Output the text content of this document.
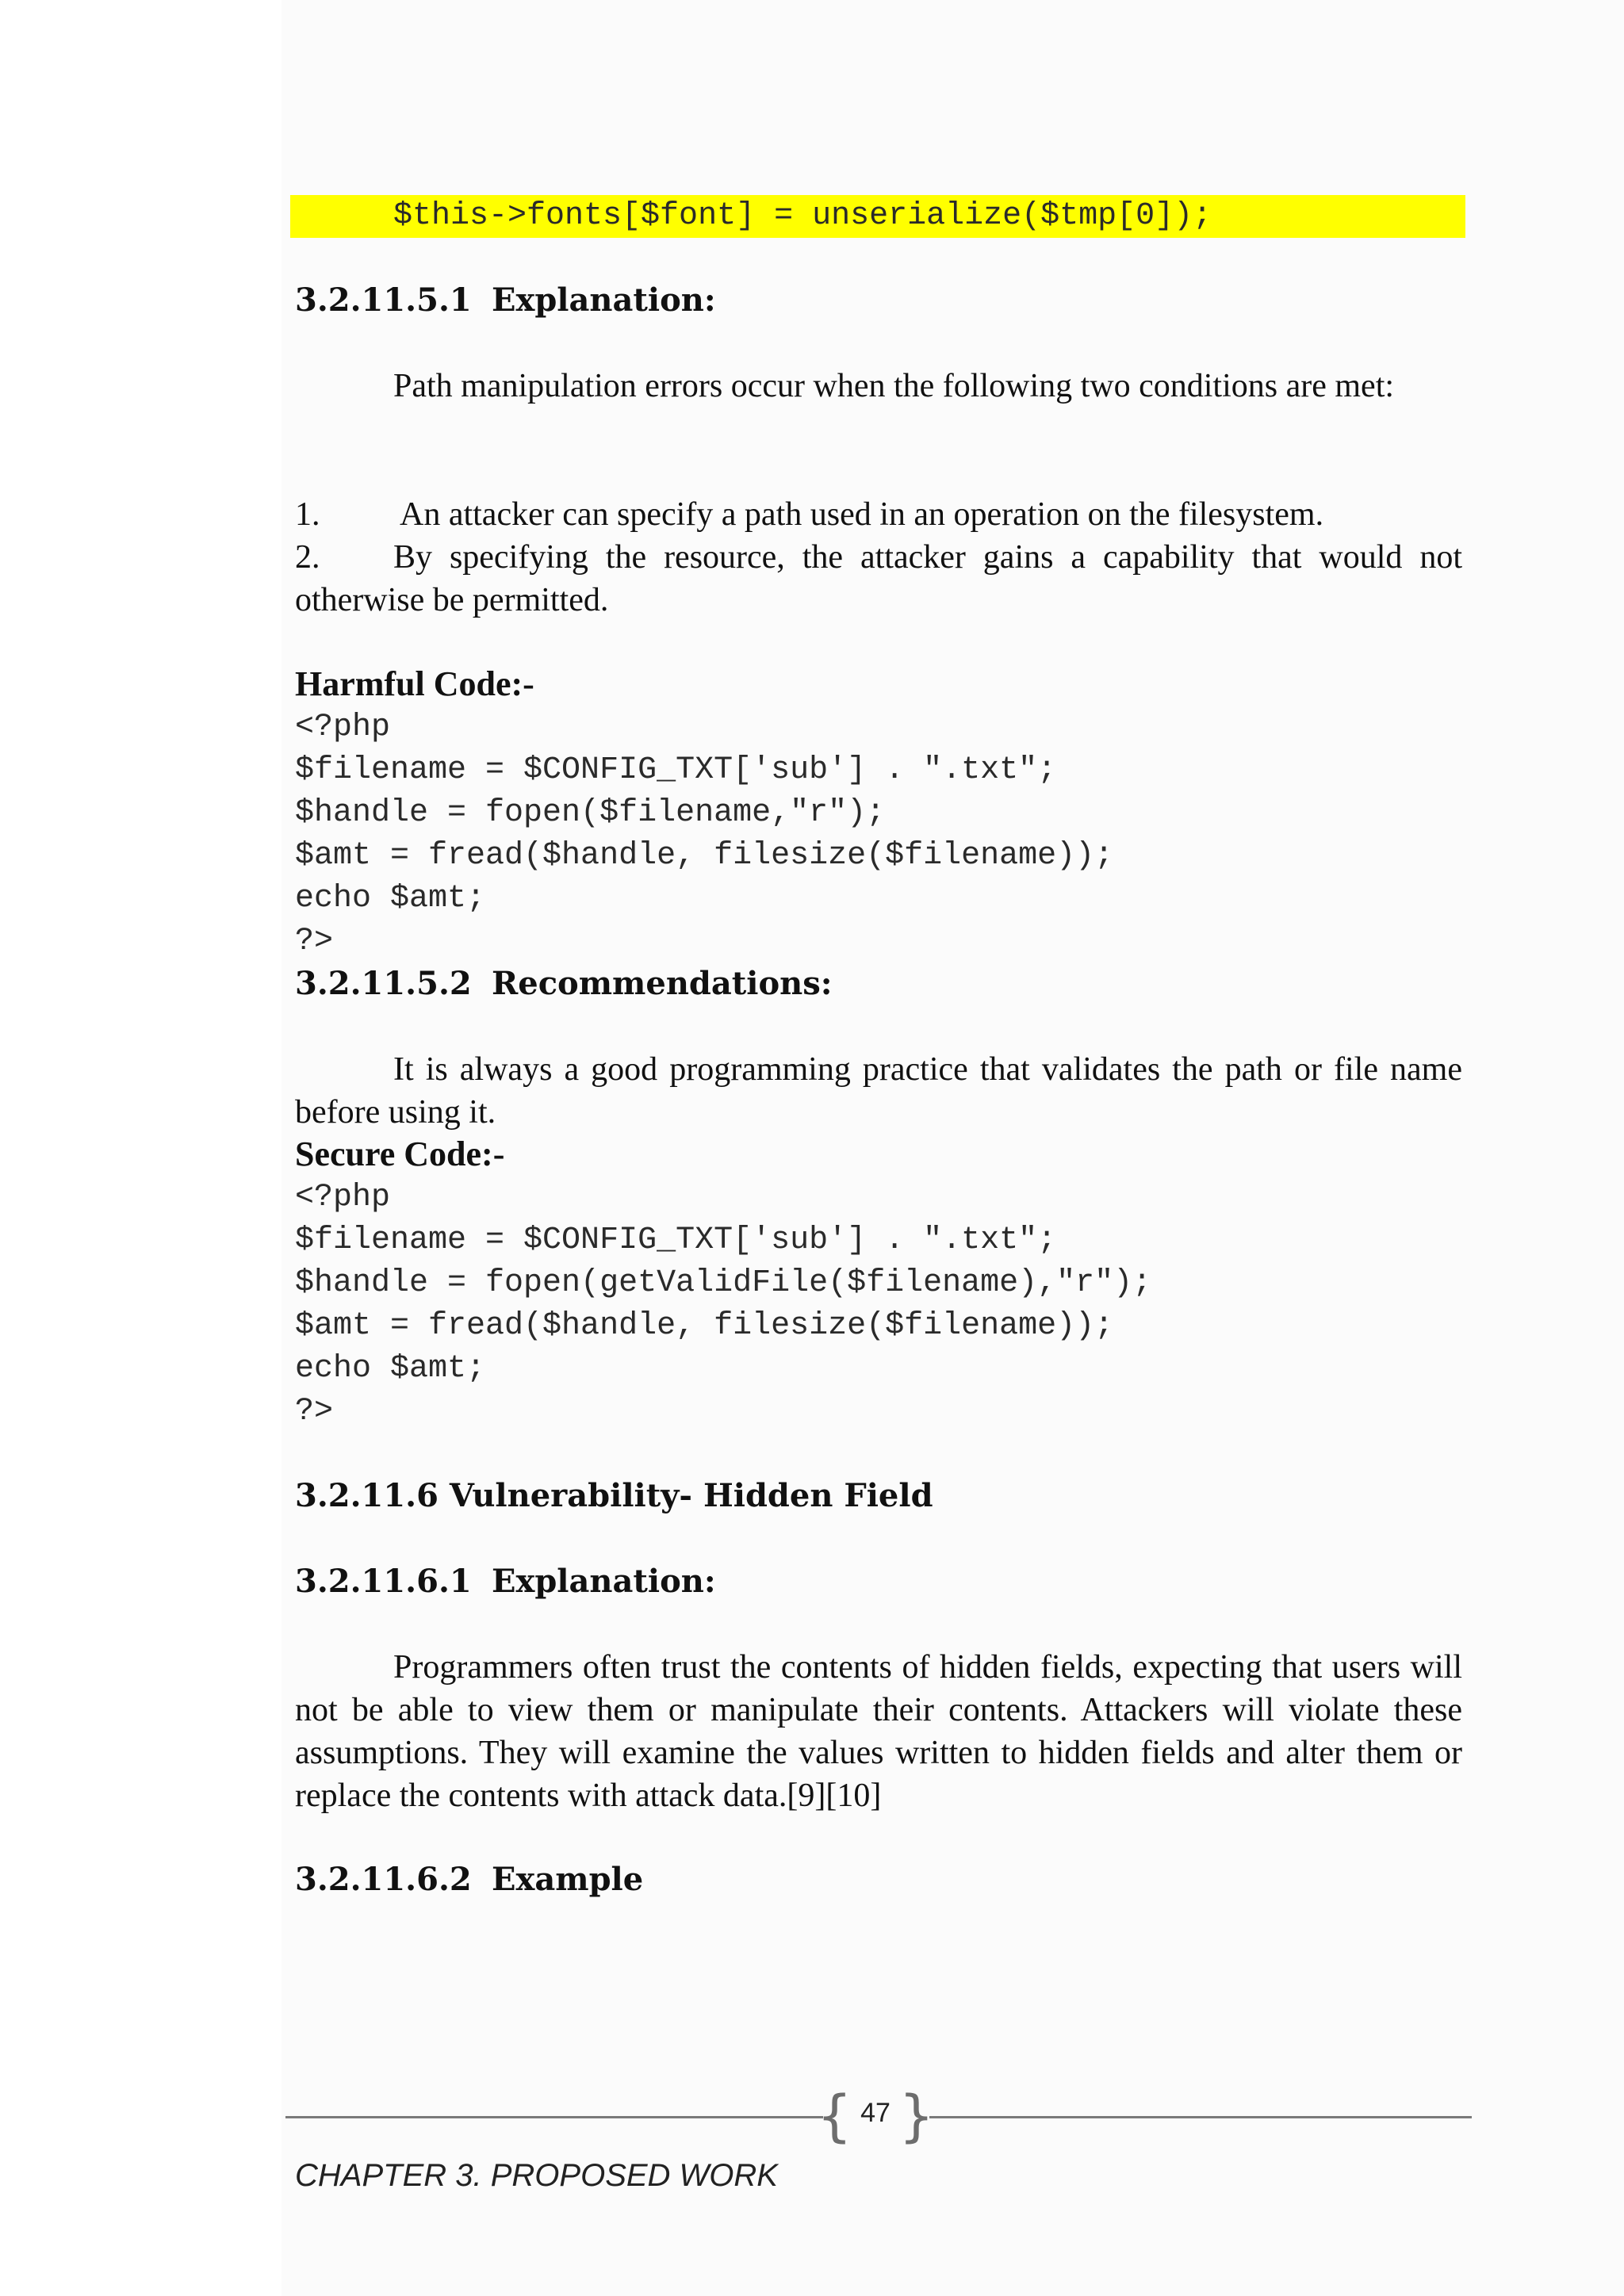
$this->fonts[$font] = unserialize($tmp[0]);
3.2.11.5.1 Explanation:
Path manipulation errors occur when the following two conditions are met:
1.	An attacker can specify a path used in an operation on the filesystem.
2.	By specifying the resource, the attacker gains a capability that would not otherwise be permitted.
Harmful Code:-
<?php
$filename = $CONFIG_TXT['sub'] . ".txt";
$handle = fopen($filename,"r");
$amt = fread($handle, filesize($filename));
echo $amt;
?>
3.2.11.5.2 Recommendations:
It is always a good programming practice that validates the path or file name before using it.
Secure Code:-
<?php
$filename = $CONFIG_TXT['sub'] . ".txt";
$handle = fopen(getValidFile($filename),"r");
$amt = fread($handle, filesize($filename));
echo $amt;
?>
3.2.11.6 Vulnerability- Hidden Field
3.2.11.6.1 Explanation:
Programmers often trust the contents of hidden fields, expecting that users will not be able to view them or manipulate their contents. Attackers will violate these assumptions. They will examine the values written to hidden fields and alter them or replace the contents with attack data.[9][10]
3.2.11.6.2 Example
{ 47 }
CHAPTER 3. PROPOSED WORK
